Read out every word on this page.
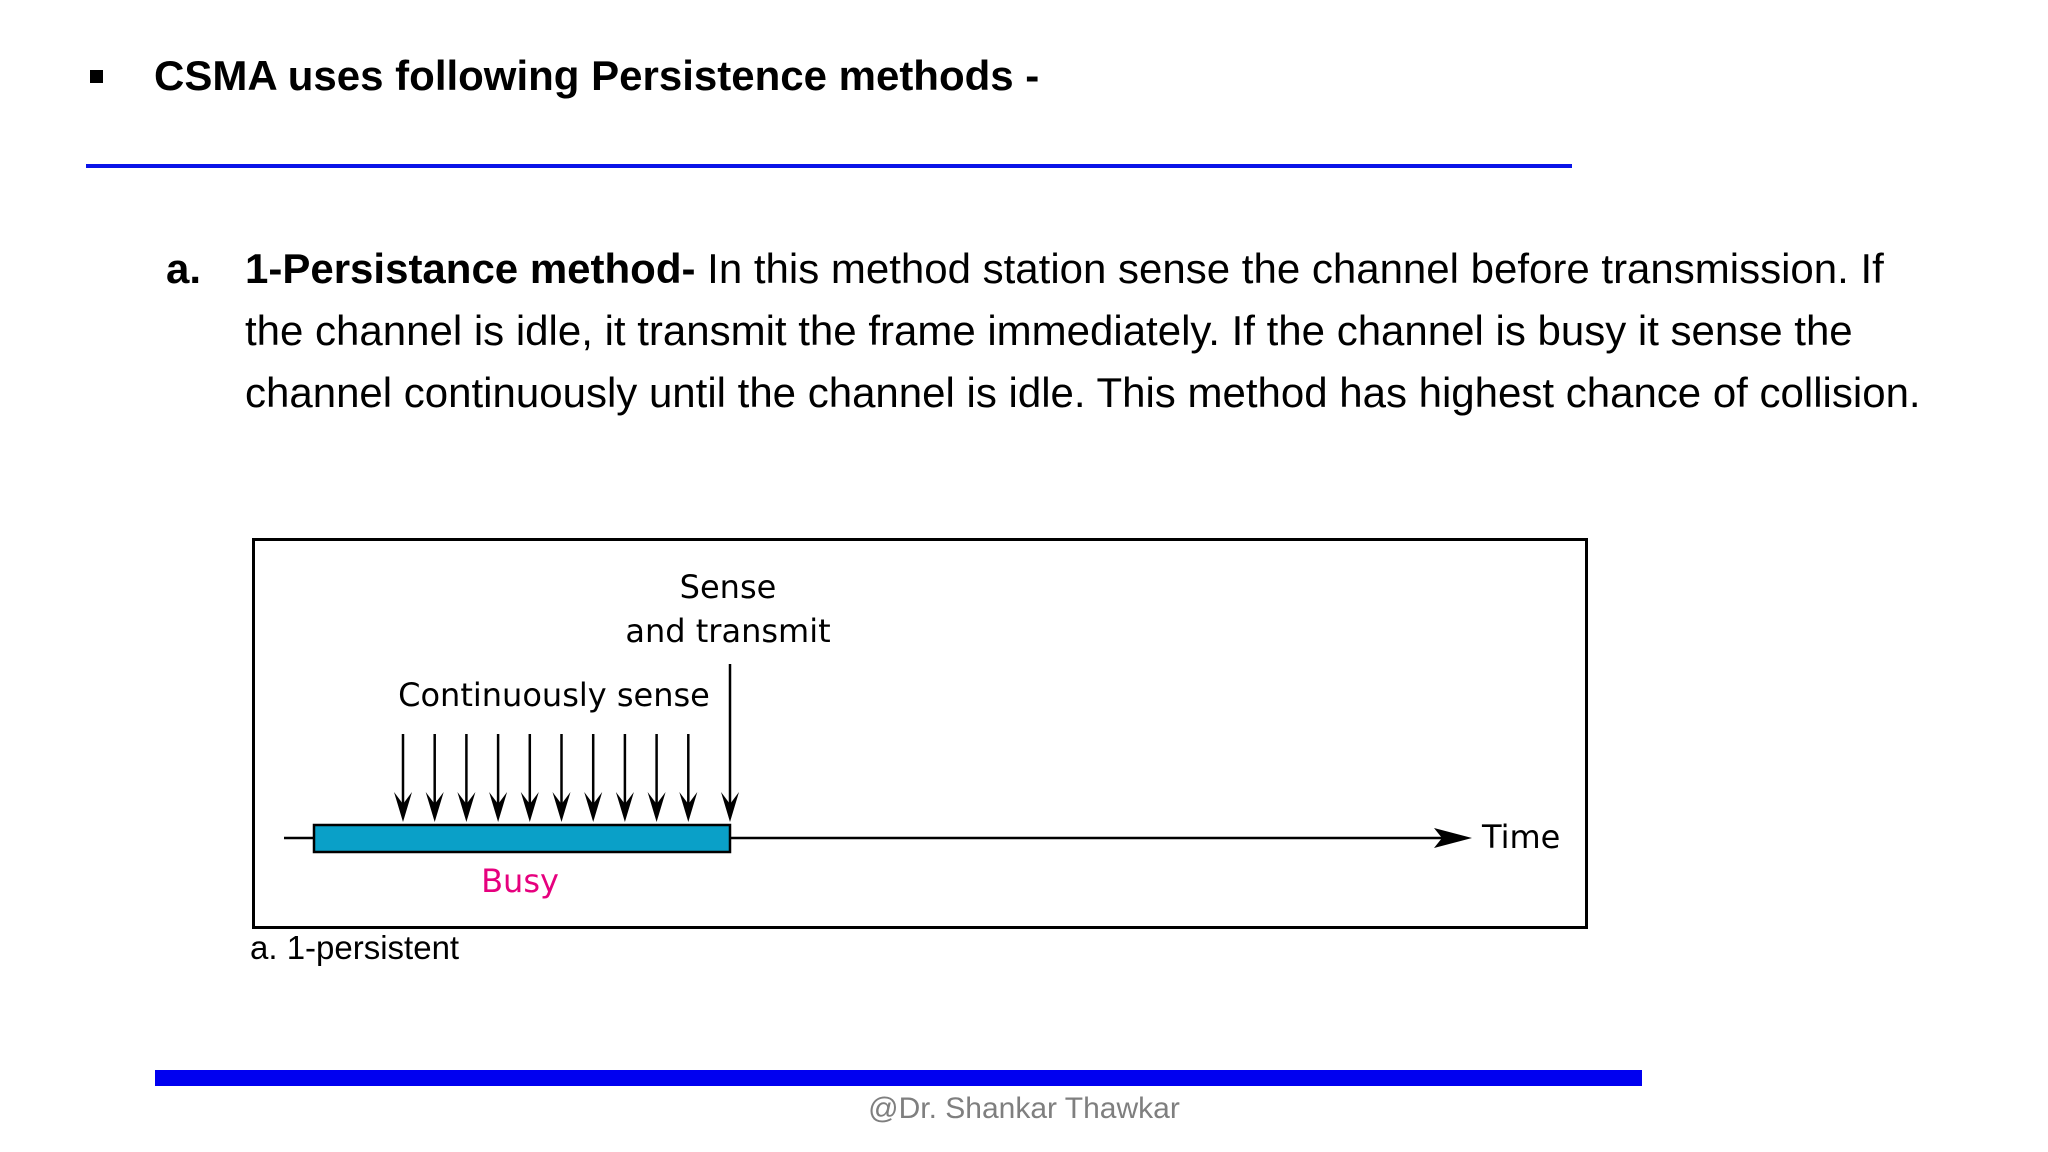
CSMA uses following Persistence methods -
a. 1-Persistance method- In this method station sense the channel before transmission. If the channel is idle, it transmit the frame immediately. If the channel is busy it sense the channel continuously until the channel is idle. This method has highest chance of collision.
Sense
and transmit
Continuously sense
Busy
Time
a. 1-persistent
@Dr. Shankar Thawkar
